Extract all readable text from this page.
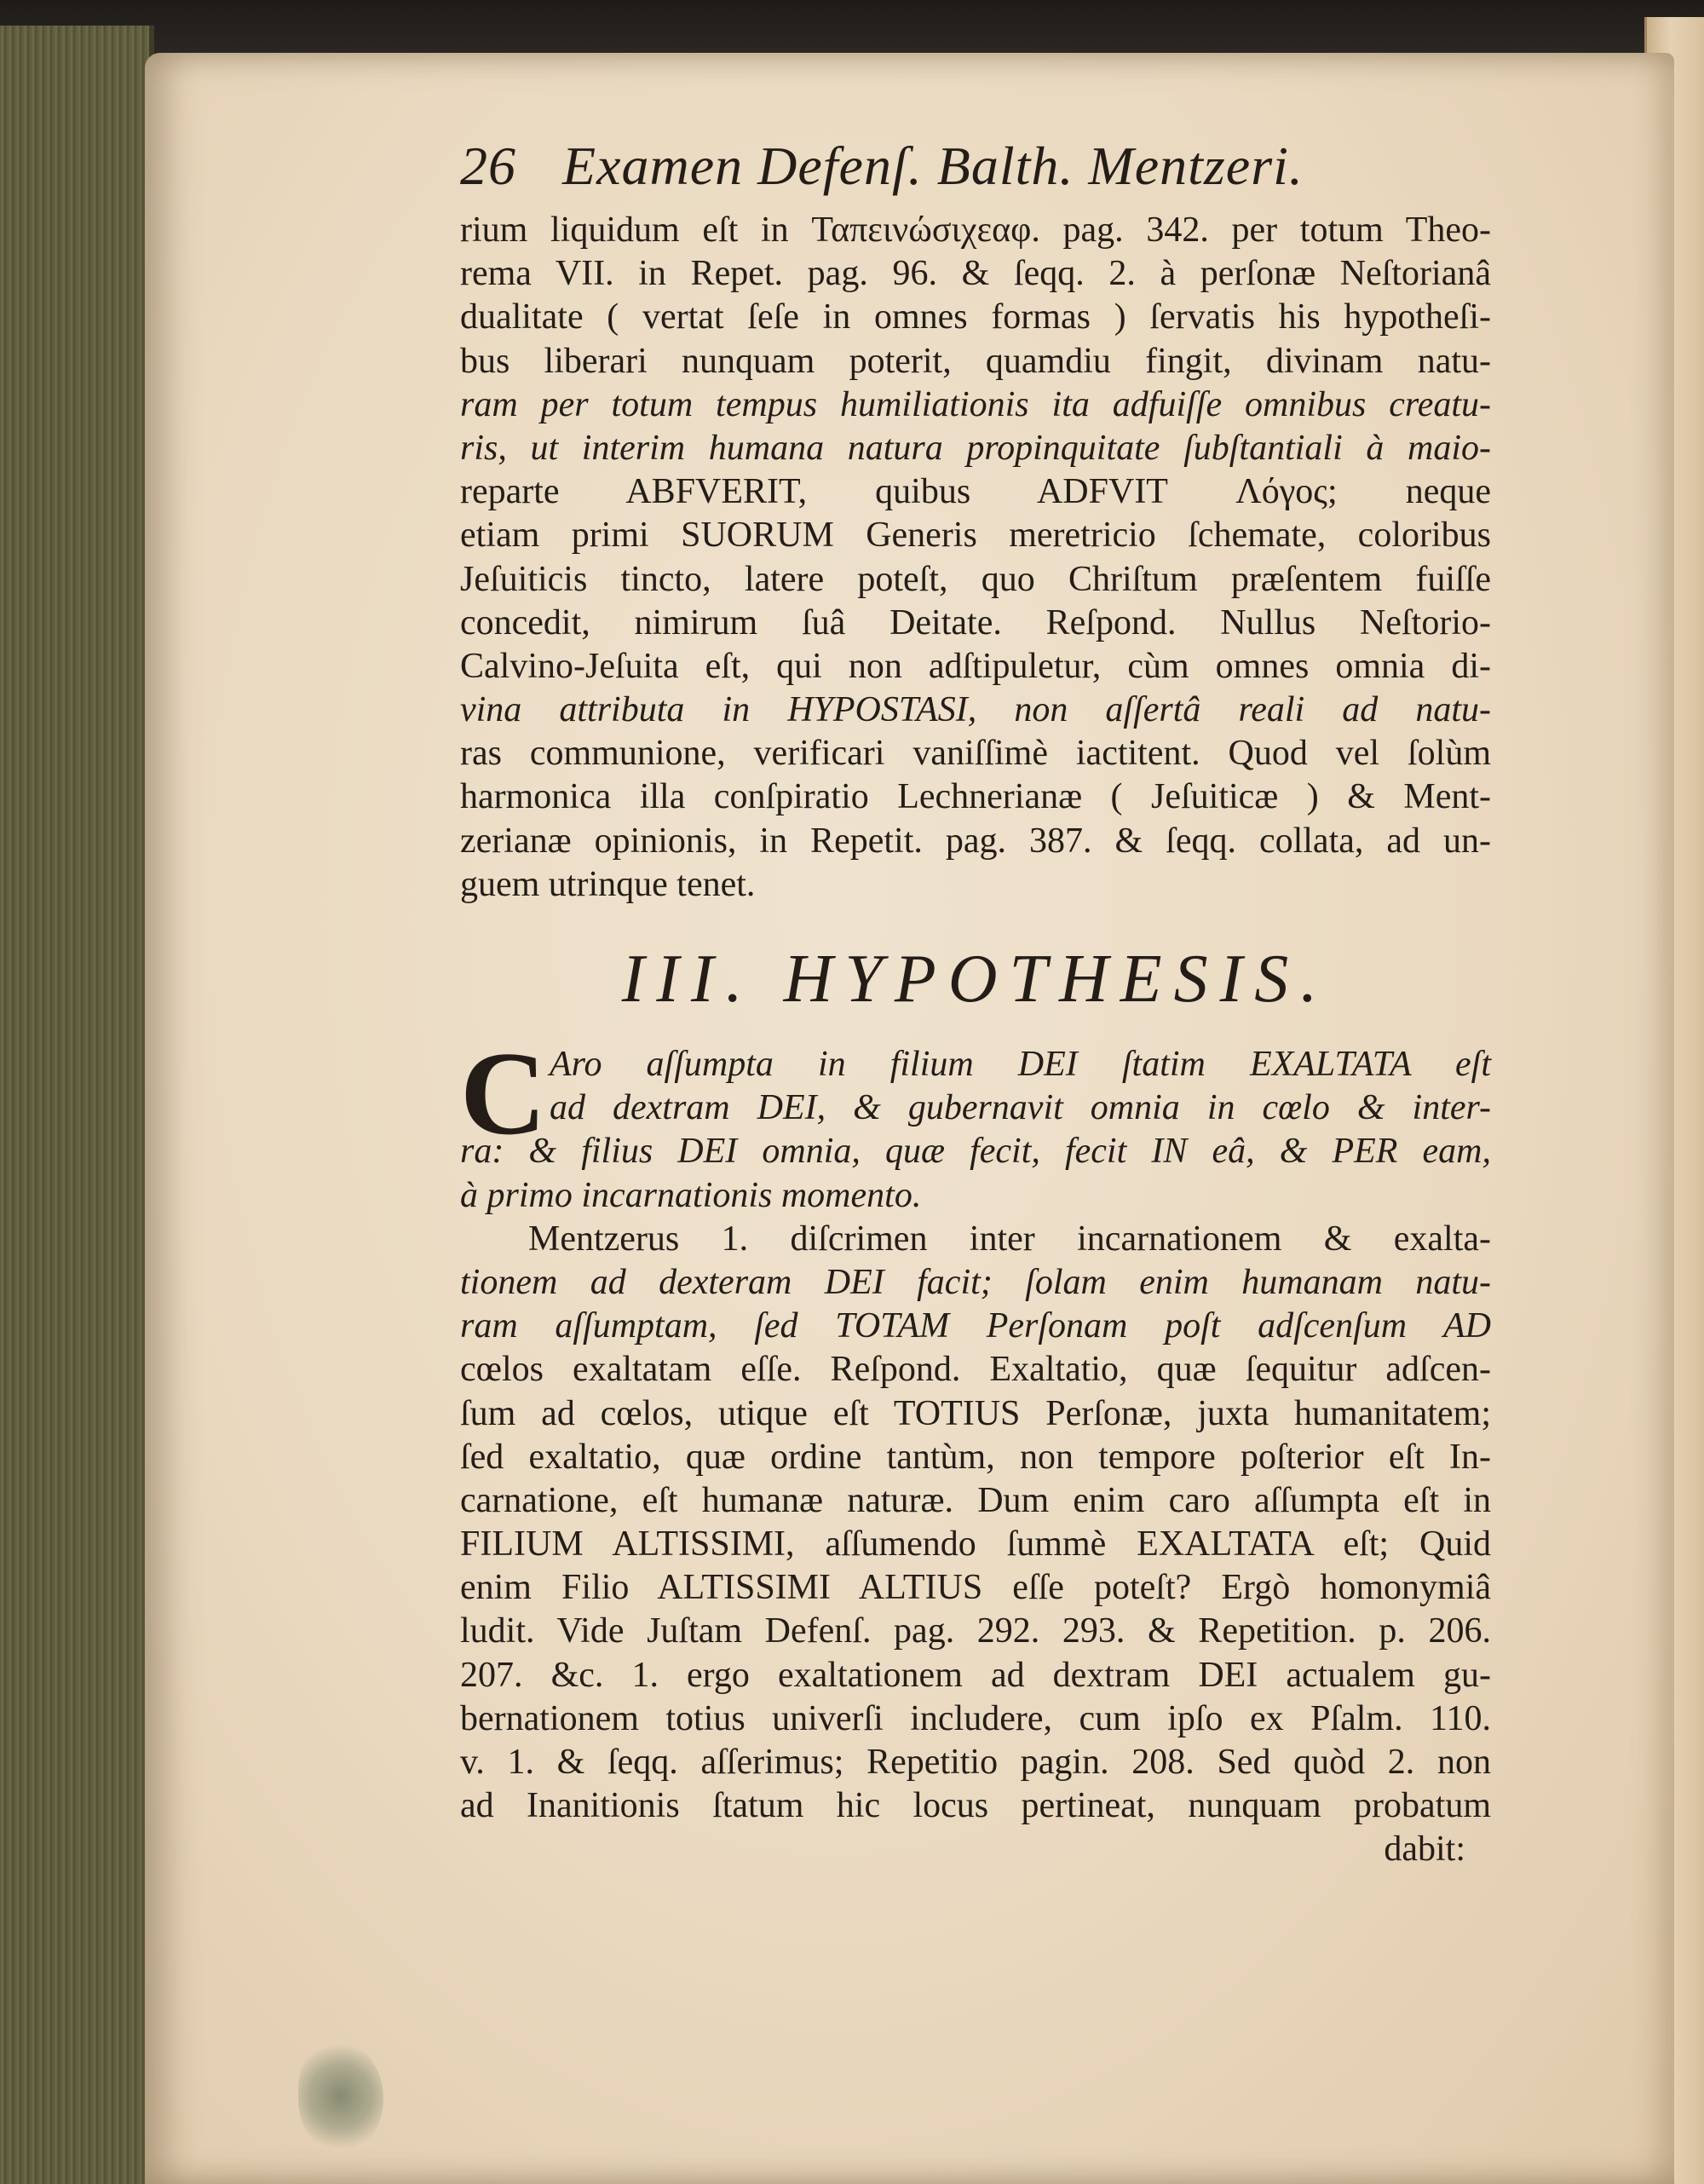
26 Examen Defenſ. Balth. Mentzeri.
rium liquidum eſt in Ταπεινώσιχεαφ. pag. 342. per totum Theo-
rema VII. in Repet. pag. 96. & ſeqq. 2. à perſonæ Neſtorianâ
dualitate ( vertat ſeſe in omnes formas ) ſervatis his hypotheſi-
bus liberari nunquam poterit, quamdiu fingit, divinam natu-
ram per totum tempus humiliationis ita adfuiſſe omnibus creatu-
ris, ut interim humana natura propinquitate ſubſtantiali à maio-
reparte ABFVERIT, quibus ADFVIT Λόγος; neque
etiam primi SUORUM Generis meretricio ſchemate, coloribus
Jeſuiticis tincto, latere poteſt, quo Chriſtum præſentem fuiſſe
concedit, nimirum ſuâ Deitate. Reſpond. Nullus Neſtorio-
Calvino-Jeſuita eſt, qui non adſtipuletur, cùm omnes omnia di-
vina attributa in HYPOSTASI, non aſſertâ reali ad natu-
ras communione, verificari vaniſſimè iactitent. Quod vel ſolùm
harmonica illa conſpiratio Lechnerianæ ( Jeſuiticæ ) & Ment-
zerianæ opinionis, in Repetit. pag. 387. & ſeqq. collata, ad un-
guem utrinque tenet.
III. HYPOTHESIS.
C Aro aſſumpta in filium DEI ſtatim EXALTATA eſt
ad dextram DEI, & gubernavit omnia in cœlo & inter-
ra: & filius DEI omnia, quæ fecit, fecit IN eâ, & PER eam,
à primo incarnationis momento.
Mentzerus 1. diſcrimen inter incarnationem & exalta-
tionem ad dexteram DEI facit; ſolam enim humanam natu-
ram aſſumptam, ſed TOTAM Perſonam poſt adſcenſum AD
cœlos exaltatam eſſe. Reſpond. Exaltatio, quæ ſequitur adſcen-
ſum ad cœlos, utique eſt TOTIUS Perſonæ, juxta humanitatem;
ſed exaltatio, quæ ordine tantùm, non tempore poſterior eſt In-
carnatione, eſt humanæ naturæ. Dum enim caro aſſumpta eſt in
FILIUM ALTISSIMI, aſſumendo ſummè EXALTATA eſt; Quid
enim Filio ALTISSIMI ALTIUS eſſe poteſt? Ergò homonymiâ
ludit. Vide Juſtam Defenſ. pag. 292. 293. & Repetition. p. 206.
207. &c. 1. ergo exaltationem ad dextram DEI actualem gu-
bernationem totius univerſi includere, cum ipſo ex Pſalm. 110.
v. 1. & ſeqq. aſſerimus; Repetitio pagin. 208. Sed quòd 2. non
ad Inanitionis ſtatum hic locus pertineat, nunquam probatum
dabit:
